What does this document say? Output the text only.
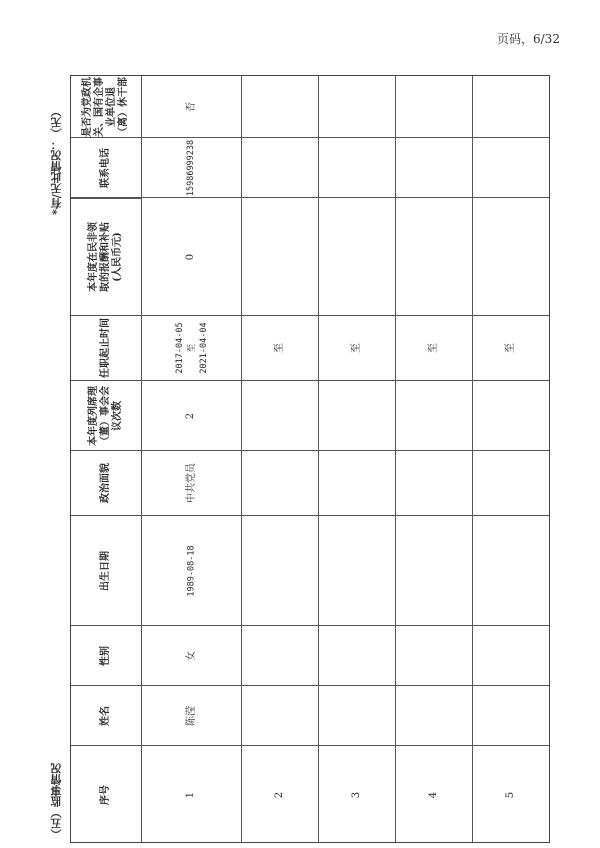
页码，6/32
（五）监事情况
*有/无此情况：（无）
序号
姓名
性别
出生日期
政治面貌
本年度列席理（董）事会会议次数
任职起止时间
本年度在民非领取的报酬和补贴(人民币元)
联系电话
是否为党政机关、国有企事业单位退（离）休干部
1
陈滢
女
1989-08-18
中共党员
2
2017-04-05 至 2021-04-04
0
15986999238
否
2
至
3
至
4
至
5
至
